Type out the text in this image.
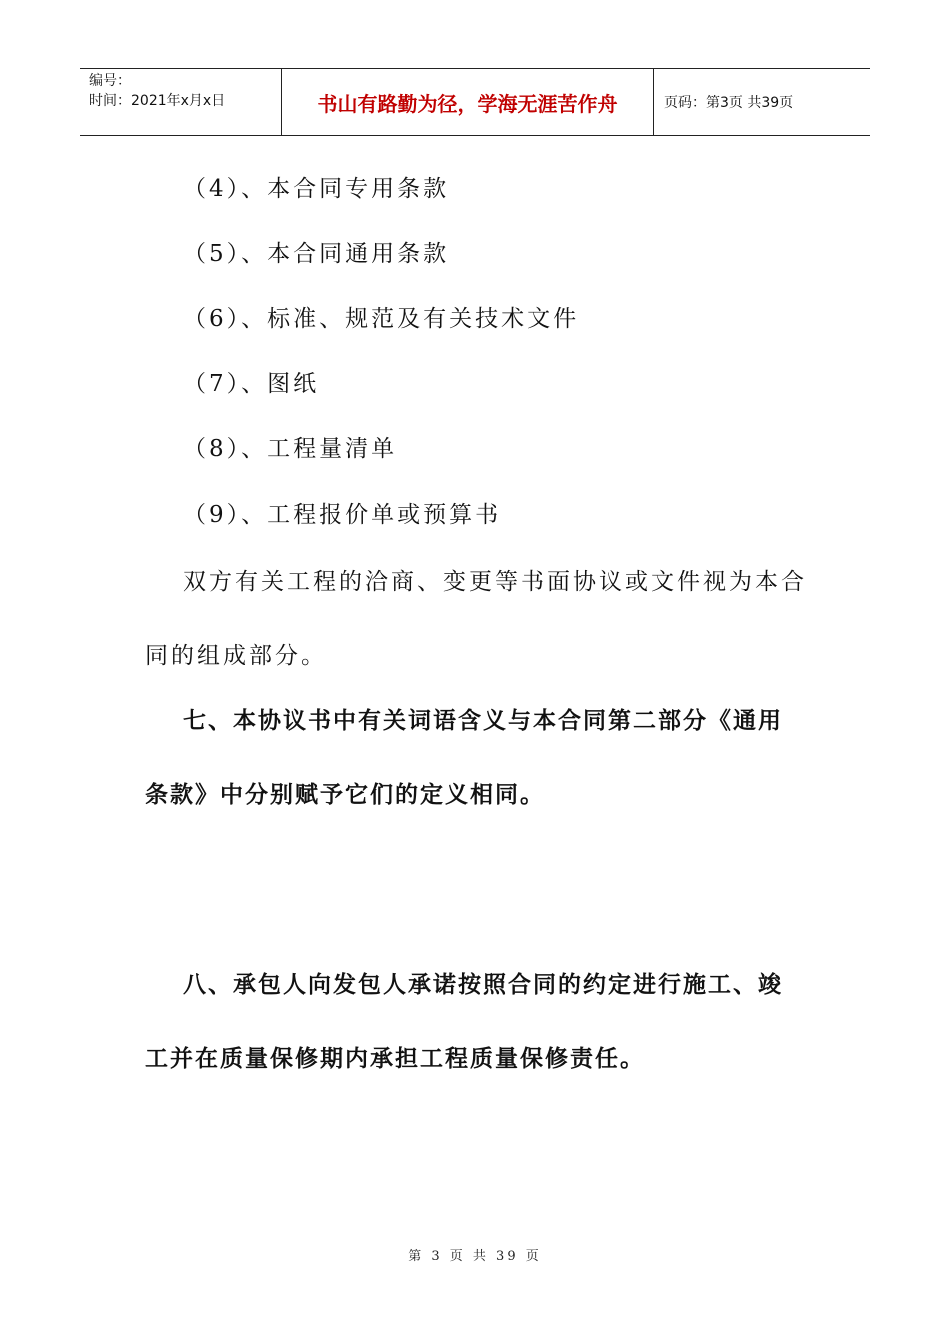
编号：
时间：2021年x月x日	书山有路勤为径，学海无涯苦作舟	页码：第3页 共39页
（4）、本合同专用条款
（5）、本合同通用条款
（6）、标准、规范及有关技术文件
（7）、图纸
（8）、工程量清单
（9）、工程报价单或预算书
双方有关工程的洽商、变更等书面协议或文件视为本合
同的组成部分。
七、本协议书中有关词语含义与本合同第二部分《通用
条款》中分别赋予它们的定义相同。
八、承包人向发包人承诺按照合同的约定进行施工、竣
工并在质量保修期内承担工程质量保修责任。
第 3 页 共 39 页
